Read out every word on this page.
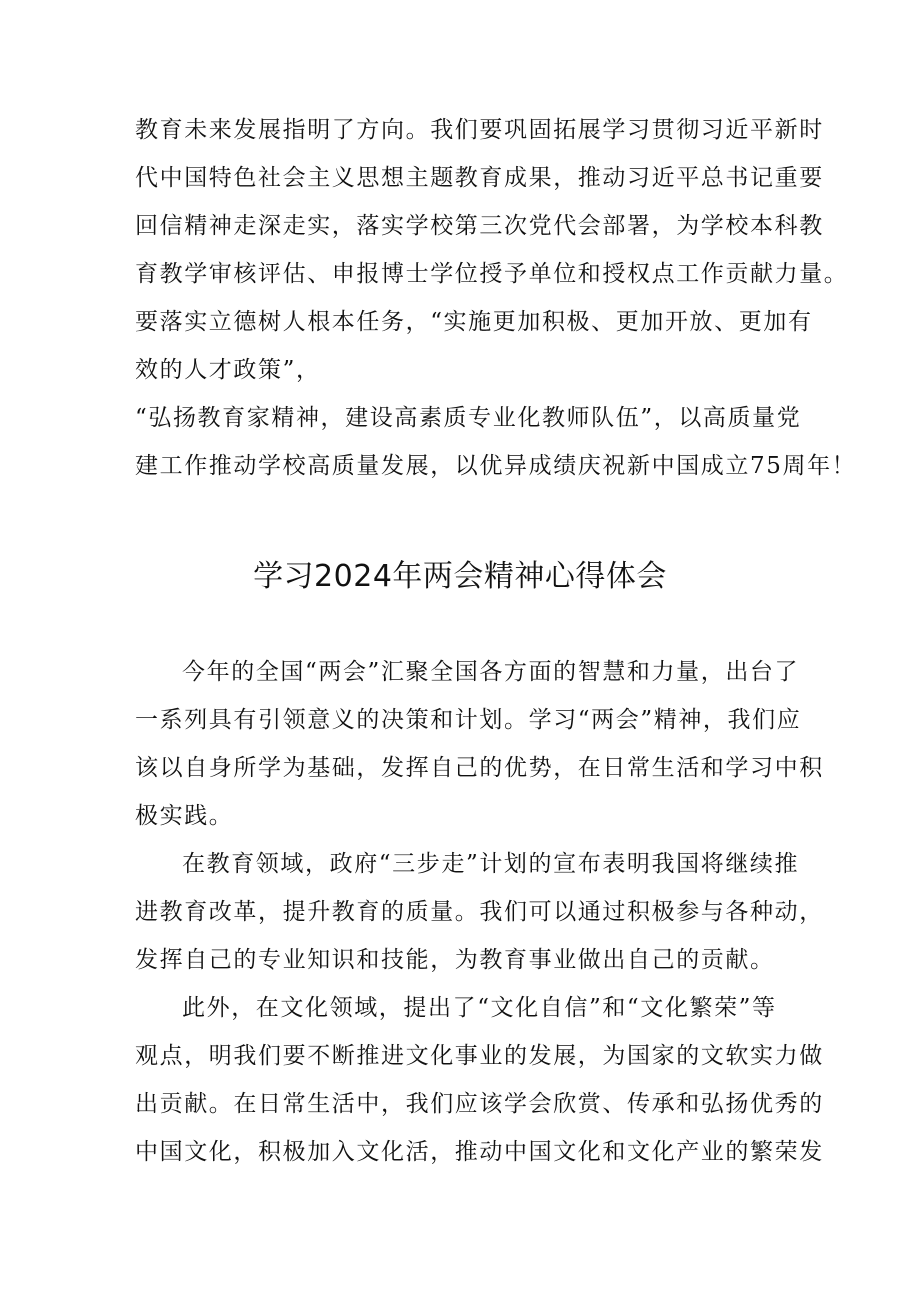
教育未来发展指明了方向。我们要巩固拓展学习贯彻习近平新时
代中国特色社会主义思想主题教育成果，推动习近平总书记重要
回信精神走深走实，落实学校第三次党代会部署，为学校本科教
育教学审核评估、申报博士学位授予单位和授权点工作贡献力量。
要落实立德树人根本任务，“实施更加积极、更加开放、更加有
效的人才政策”，
“弘扬教育家精神，建设高素质专业化教师队伍”，以高质量党
建工作推动学校高质量发展，以优异成绩庆祝新中国成立75周年！
学习2024年两会精神心得体会
今年的全国“两会”汇聚全国各方面的智慧和力量，出台了
一系列具有引领意义的决策和计划。学习“两会”精神，我们应
该以自身所学为基础，发挥自己的优势，在日常生活和学习中积
极实践。
在教育领域，政府“三步走”计划的宣布表明我国将继续推
进教育改革，提升教育的质量。我们可以通过积极参与各种动，
发挥自己的专业知识和技能，为教育事业做出自己的贡献。
此外，在文化领域，提出了“文化自信”和“文化繁荣”等
观点，明我们要不断推进文化事业的发展，为国家的文软实力做
出贡献。在日常生活中，我们应该学会欣赏、传承和弘扬优秀的
中国文化，积极加入文化活，推动中国文化和文化产业的繁荣发
